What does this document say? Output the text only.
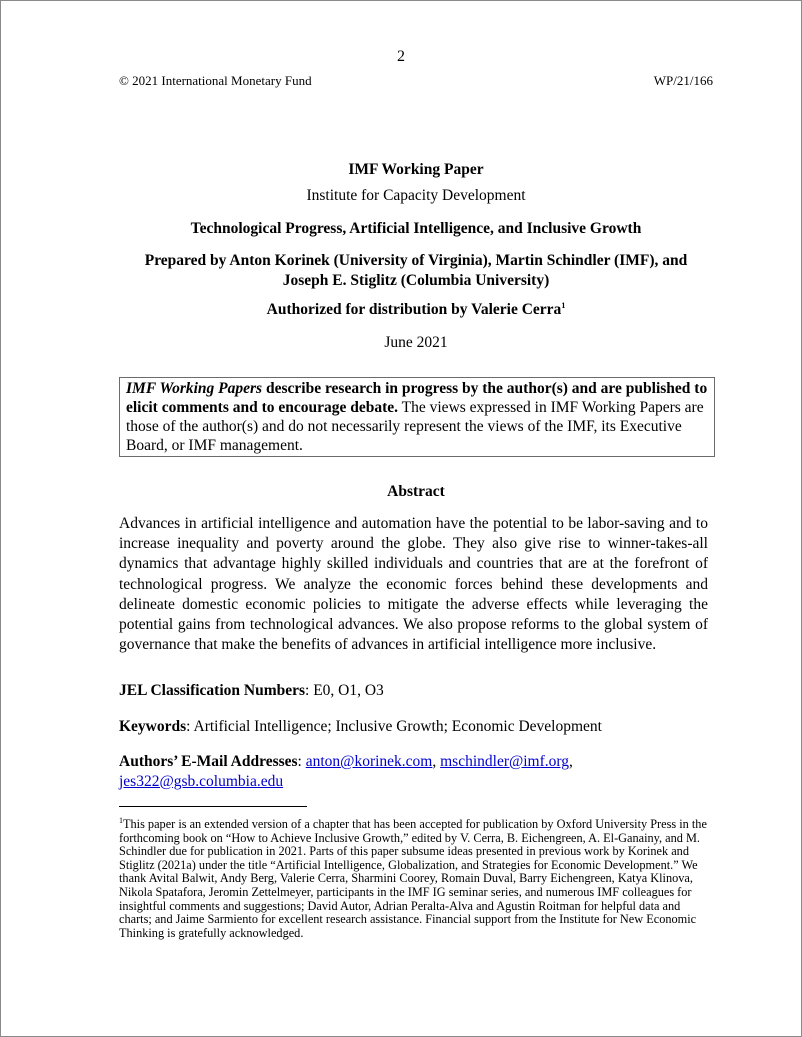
2
© 2021 International Monetary Fund	WP/21/166
IMF Working Paper
Institute for Capacity Development
Technological Progress, Artificial Intelligence, and Inclusive Growth
Prepared by Anton Korinek (University of Virginia), Martin Schindler (IMF), and
Joseph E. Stiglitz (Columbia University)
Authorized for distribution by Valerie Cerra$^1$
June 2021
IMF Working Papers describe research in progress by the author(s) and are published to elicit comments and to encourage debate. The views expressed in IMF Working Papers are those of the author(s) and do not necessarily represent the views of the IMF, its Executive Board, or IMF management.
Abstract
Advances in artificial intelligence and automation have the potential to be labor-saving and to increase inequality and poverty around the globe. They also give rise to winner-takes-all dynamics that advantage highly skilled individuals and countries that are at the forefront of technological progress. We analyze the economic forces behind these developments and delineate domestic economic policies to mitigate the adverse effects while leveraging the potential gains from technological advances. We also propose reforms to the global system of governance that make the benefits of advances in artificial intelligence more inclusive.
JEL Classification Numbers: E0, O1, O3
Keywords: Artificial Intelligence; Inclusive Growth; Economic Development
Authors’ E-Mail Addresses: anton@korinek.com, mschindler@imf.org,
jes322@gsb.columbia.edu
$^1$This paper is an extended version of a chapter that has been accepted for publication by Oxford University Press in the forthcoming book on “How to Achieve Inclusive Growth,” edited by V. Cerra, B. Eichengreen, A. El-Ganainy, and M. Schindler due for publication in 2021. Parts of this paper subsume ideas presented in previous work by Korinek and Stiglitz (2021a) under the title “Artificial Intelligence, Globalization, and Strategies for Economic Development.” We thank Avital Balwit, Andy Berg, Valerie Cerra, Sharmini Coorey, Romain Duval, Barry Eichengreen, Katya Klinova, Nikola Spatafora, Jeromin Zettelmeyer, participants in the IMF IG seminar series, and numerous IMF colleagues for insightful comments and suggestions; David Autor, Adrian Peralta-Alva and Agustin Roitman for helpful data and charts; and Jaime Sarmiento for excellent research assistance. Financial support from the Institute for New Economic Thinking is gratefully acknowledged.
